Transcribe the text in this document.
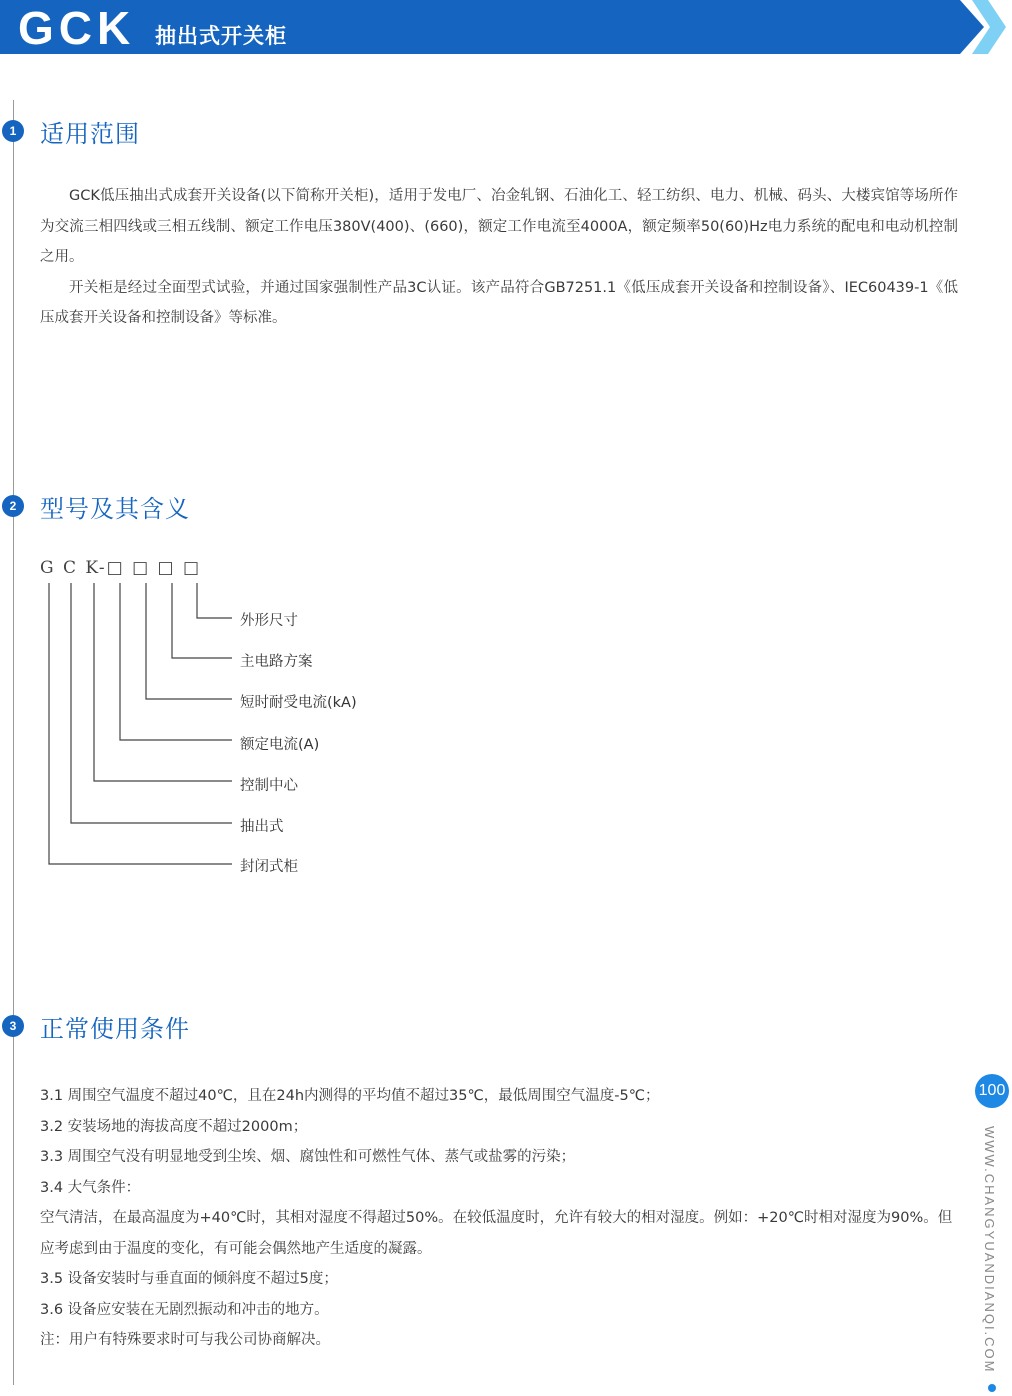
GCK 抽出式开关柜
1 适用范围

GCK低压抽出式成套开关设备(以下简称开关柜)，适用于发电厂、冶金轧钢、石油化工、轻工纺织、电力、机械、码头、大楼宾馆等场所作为交流三相四线或三相五线制、额定工作电压380V(400)、(660)，额定工作电流至4000A，额定频率50(60)Hz电力系统的配电和电动机控制之用。

开关柜是经过全面型式试验，并通过国家强制性产品3C认证。该产品符合GB7251.1《低压成套开关设备和控制设备》、IEC60439-1《低压成套开关设备和控制设备》等标准。

2 型号及其含义
G C K-□ □ □ □
外形尺寸
主电路方案
短时耐受电流(kA)
额定电流(A)
控制中心
抽出式
封闭式柜
3 正常使用条件

3.1 周围空气温度不超过40℃，且在24h内测得的平均值不超过35℃，最低周围空气温度-5℃；

3.2 安装场地的海拔高度不超过2000m；

3.3 周围空气没有明显地受到尘埃、烟、腐蚀性和可燃性气体、蒸气或盐雾的污染；

3.4 大气条件：

空气清洁，在最高温度为+40℃时，其相对湿度不得超过50%。在较低温度时，允许有较大的相对湿度。例如：+20℃时相对湿度为90%。但应考虑到由于温度的变化，有可能会偶然地产生适度的凝露。

3.5 设备安装时与垂直面的倾斜度不超过5度；

3.6 设备应安装在无剧烈振动和冲击的地方。

注：用户有特殊要求时可与我公司协商解决。

100
WWW.CHANGYUANDIANQI.COM
